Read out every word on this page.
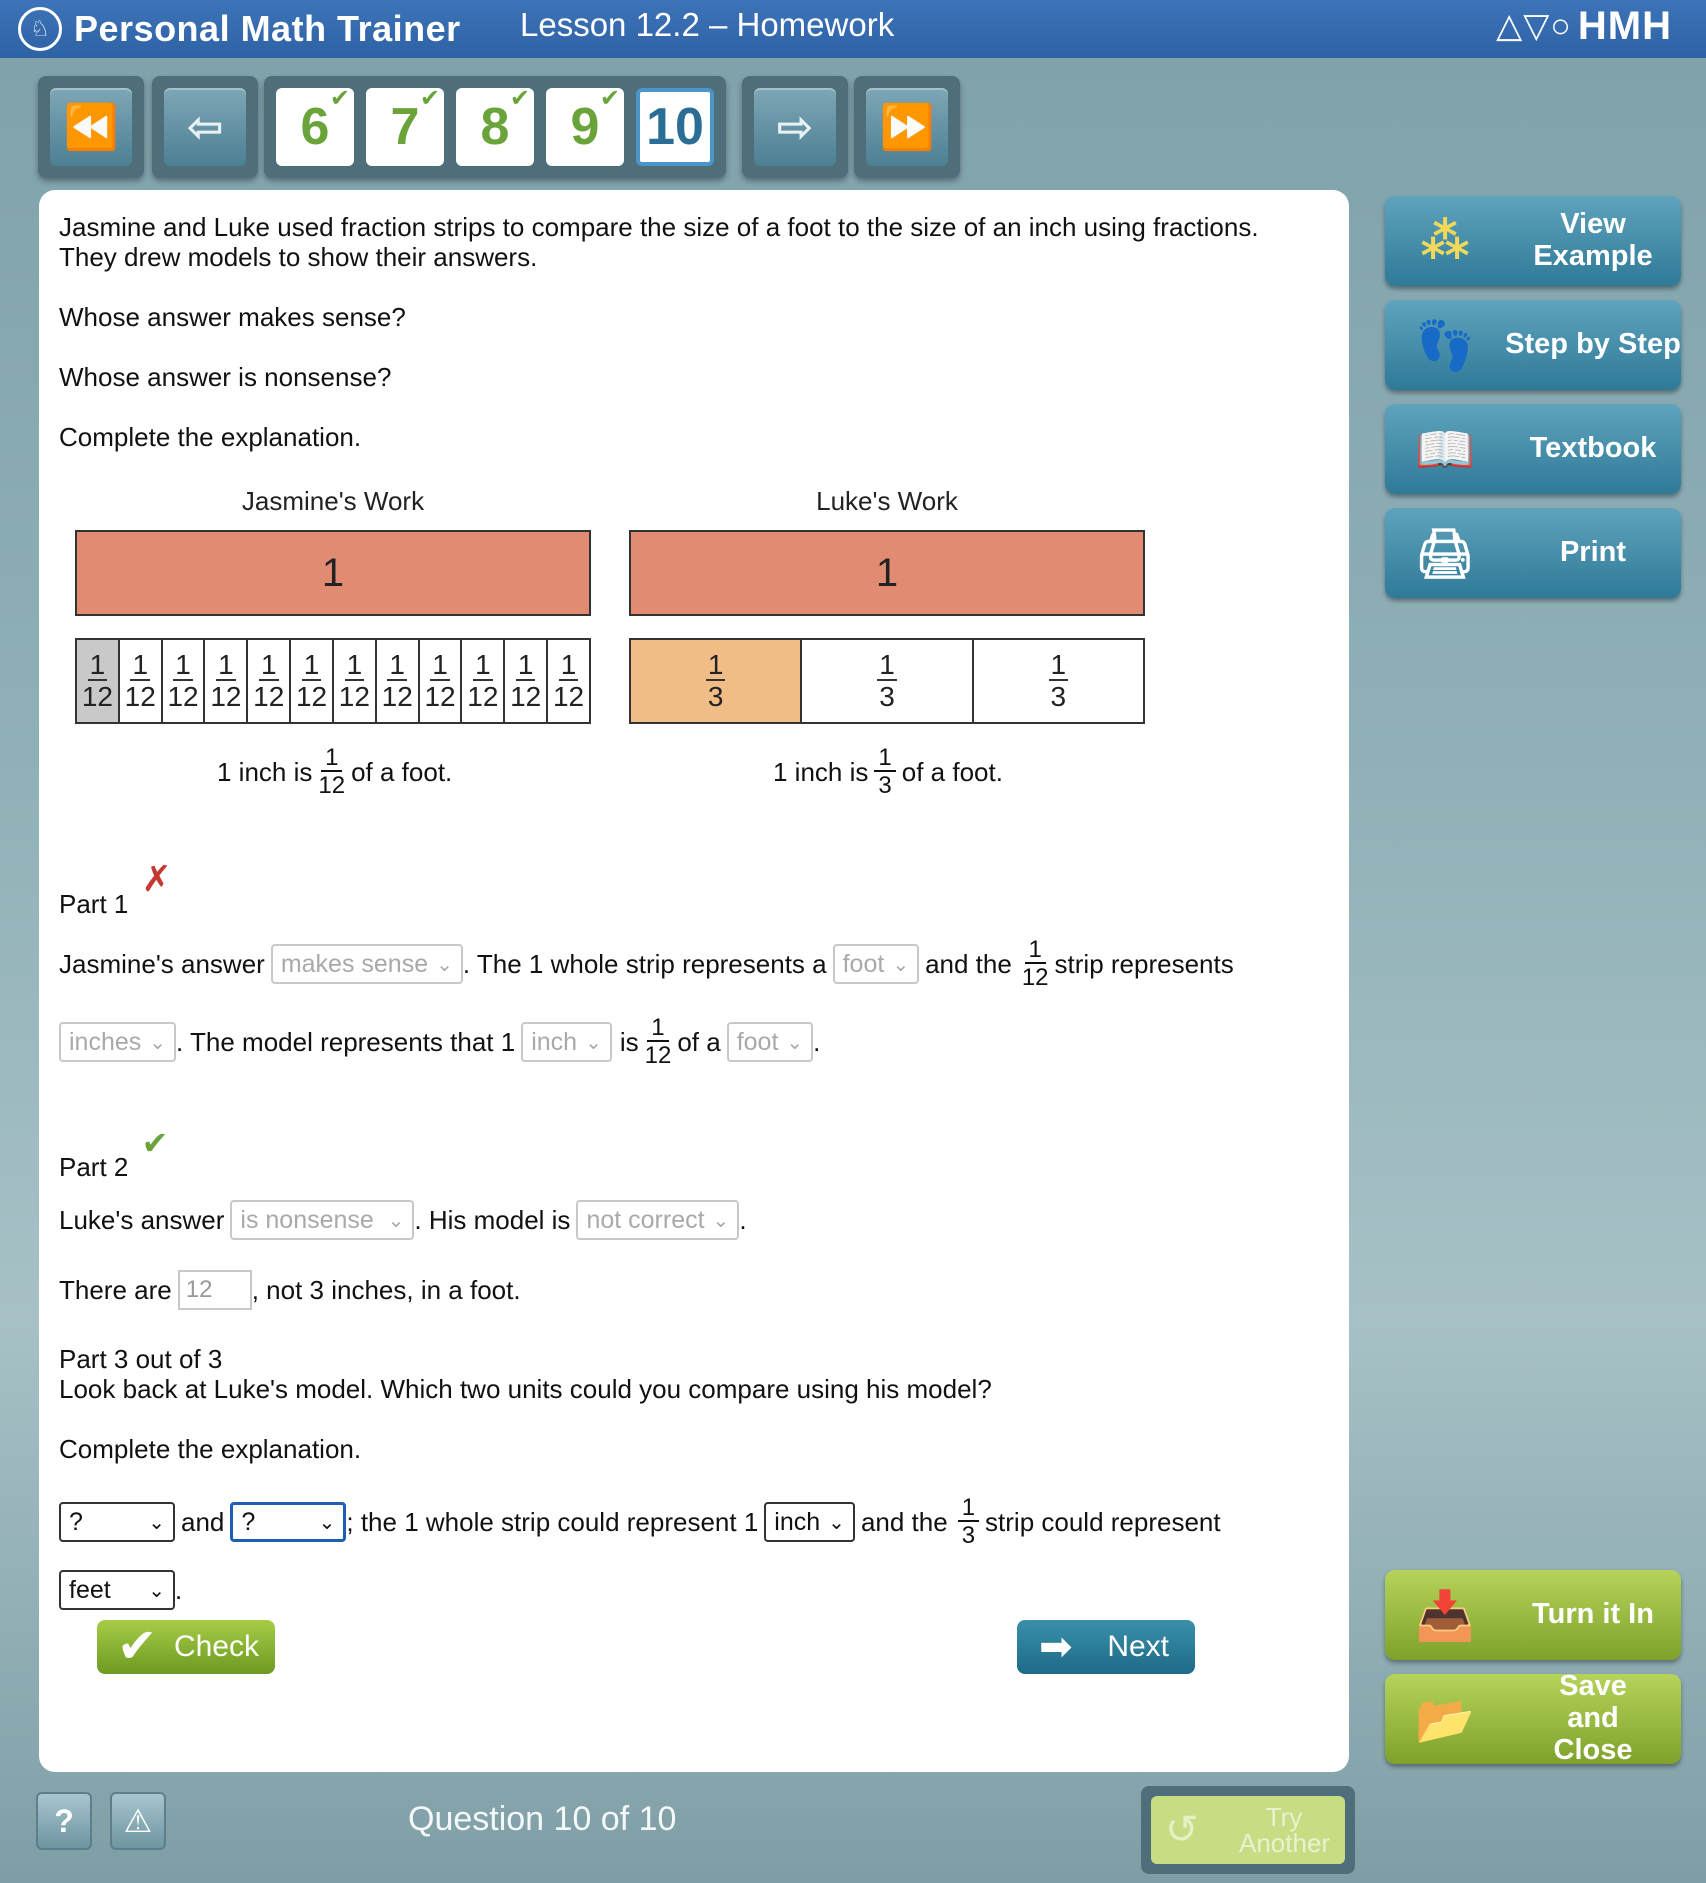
♘ Personal Math Trainer Lesson 12.2 – Homework	△▽○ HMH
⏪ ⇦ 6 ✔ 7 ✔ 8 ✔ 9 ✔ 10 ⇨ ⏩
Jasmine and Luke used fraction strips to compare the size of a foot to the size of an inch using fractions.
They drew models to show their answers.
Whose answer makes sense?
Whose answer is nonsense?
Complete the explanation.
Jasmine's Work
1
1
12
1
12
1
12
1
12
1
12
1
12
1
12
1
12
1
12
1
12
1
12
1
12
1 inch is $\frac{1}{12}$ of a foot.
Luke's Work
1
1
3
1
3
1
3
1 inch is $\frac{1}{3}$ of a foot.
Part 1 ✗
Jasmine's answer makes sense ⌄ . The 1 whole strip represents a foot ⌄ and the $\frac{1}{12}$ strip represents
inches ⌄ . The model represents that 1 inch ⌄ is $\frac{1}{12}$ of a foot ⌄ .
Part 2 ✔
Luke's answer is nonsense ⌄ . His model is not correct ⌄ .
There are 12	, not 3 inches, in a foot.
Part 3 out of 3
Look back at Luke's model. Which two units could you compare using his model?
Complete the explanation.
?	⌄ and ?	⌄ ; the 1 whole strip could represent 1 inch ⌄ and the $\frac{1}{3}$ strip could represent
feet ⌄ .
✔ Check	➡ Next
⁂	View Example
👣	Step by Step
📖	Textbook
🖨	Print
📥	Turn it In
📂
Save and Close
? ⚠	Question 10 of 10	↺	Try Another
